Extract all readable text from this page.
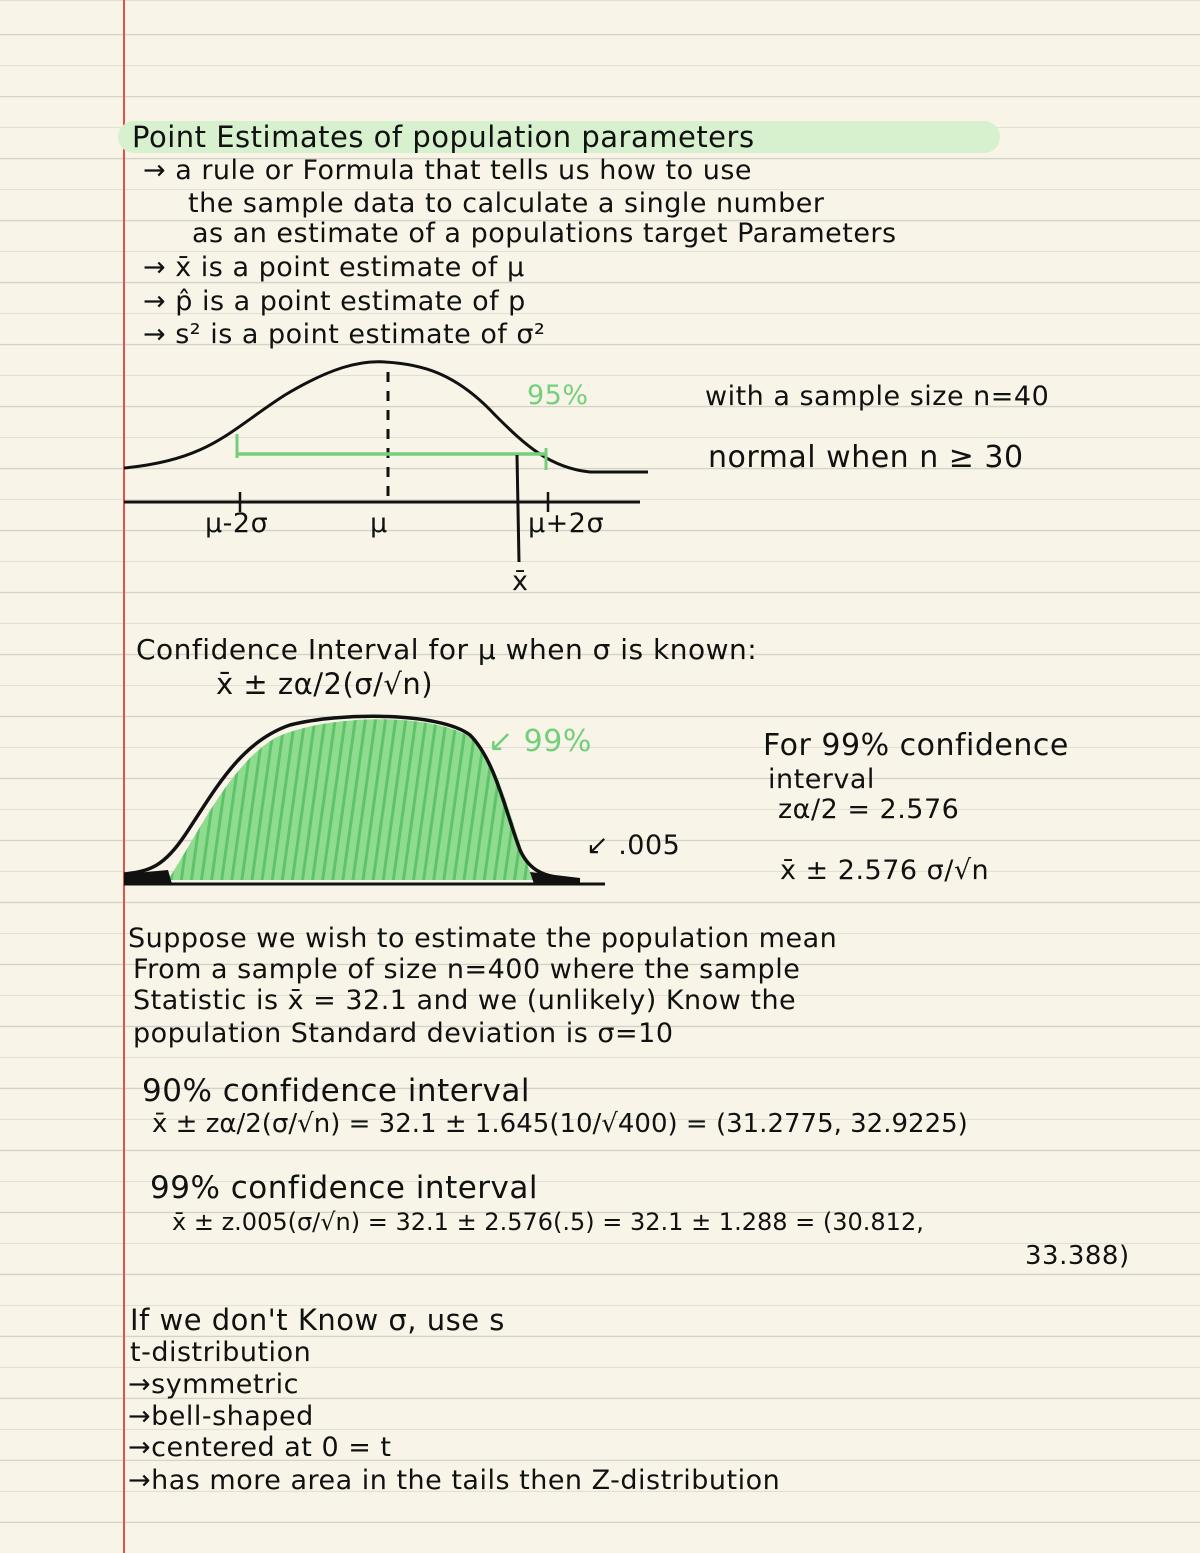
Point Estimates of population parameters
→ a rule or Formula that tells us how to use
the sample data to calculate a single number
as an estimate of a populations target Parameters
→ x̄ is a point estimate of μ
→ p̂ is a point estimate of p
→ s² is a point estimate of σ²
95%
μ-2σ	μ	μ+2σ
x̄
with a sample size n=40
normal when n ≥ 30
Confidence Interval for μ when σ is known:
x̄ ± zα/2(σ/√n)
↙ 99%
↙ .005
For 99% confidence
interval
zα/2 = 2.576
x̄ ± 2.576 σ/√n
Suppose we wish to estimate the population mean
From a sample of size n=400 where the sample
Statistic is x̄ = 32.1 and we (unlikely) Know the
population Standard deviation is σ=10
90% confidence interval
x̄ ± zα/2(σ/√n) = 32.1 ± 1.645(10/√400) = (31.2775, 32.9225)
99% confidence interval
x̄ ± z.005(σ/√n) = 32.1 ± 2.576(.5) = 32.1 ± 1.288 = (30.812,
33.388)
If we don't Know σ, use s
t-distribution
→symmetric
→bell-shaped
→centered at 0 = t
→has more area in the tails then Z-distribution
